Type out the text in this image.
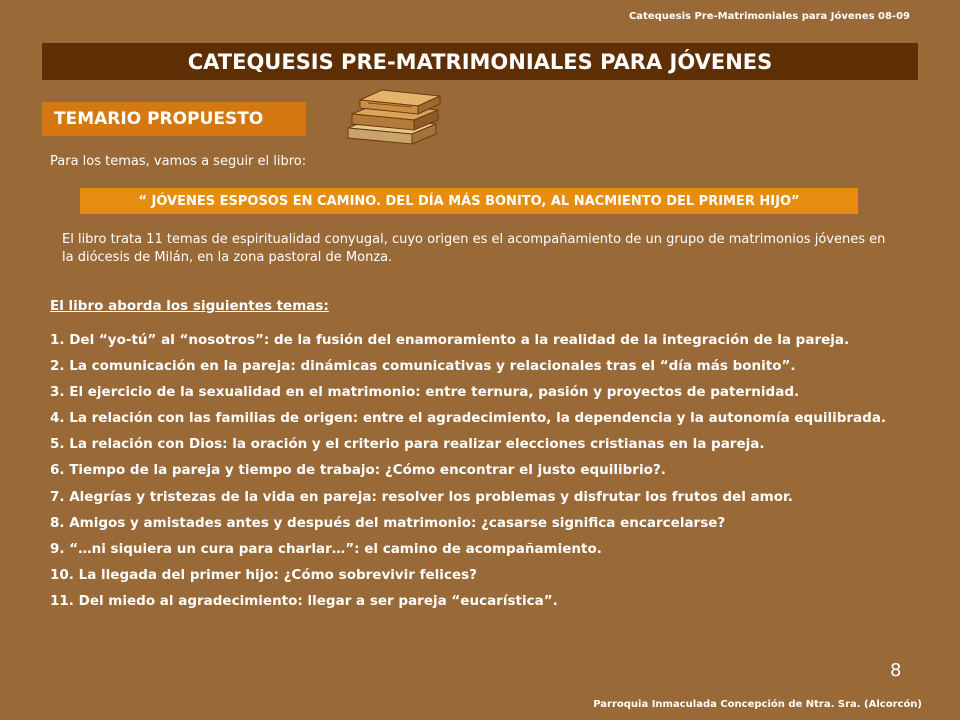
Catequesis Pre-Matrimoniales para Jóvenes 08-09
CATEQUESIS PRE-MATRIMONIALES PARA JÓVENES
TEMARIO PROPUESTO
Para los temas, vamos a seguir el libro:
“ JÓVENES ESPOSOS EN CAMINO. DEL DÍA MÁS BONITO, AL NACMIENTO DEL PRIMER HIJO”
El libro trata 11 temas de espiritualidad conyugal, cuyo origen es el acompañamiento de un grupo de matrimonios jóvenes en la diócesis de Milán, en la zona pastoral de Monza.
El libro aborda los siguientes temas:
1. Del “yo-tú” al “nosotros”: de la fusión del enamoramiento a la realidad de la integración de la pareja.
2. La comunicación en la pareja: dinámicas comunicativas y relacionales tras el “día más bonito”.
3. El ejercicio de la sexualidad en el matrimonio: entre ternura, pasión y proyectos de paternidad.
4. La relación con las familias de origen: entre el agradecimiento, la dependencia y la autonomía equilibrada.
5. La relación con Dios: la oración y el criterio para realizar elecciones cristianas en la pareja.
6. Tiempo de la pareja y tiempo de trabajo: ¿Cómo encontrar el justo equilibrio?.
7. Alegrías y tristezas de la vida en pareja: resolver los problemas y disfrutar los frutos del amor.
8. Amigos y amistades antes y después del matrimonio: ¿casarse significa encarcelarse?
9. “…ni siquiera un cura para charlar…”: el camino de acompañamiento.
10. La llegada del primer hijo: ¿Cómo sobrevivir felices?
11. Del miedo al agradecimiento: llegar a ser pareja “eucarística”.
8
Parroquia Inmaculada Concepción de Ntra. Sra. (Alcorcón)
